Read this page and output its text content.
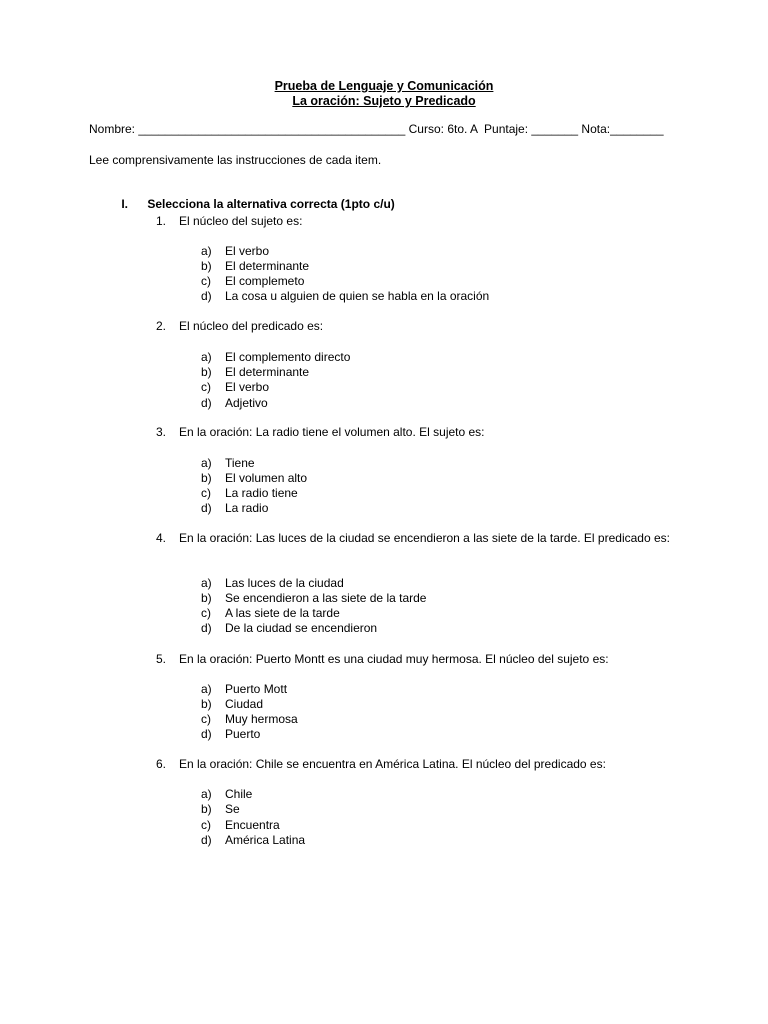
Prueba de Lenguaje y Comunicación
La oración: Sujeto y Predicado
Nombre: ________________________________________ Curso: 6to. A  Puntaje: _______ Nota:________
Lee comprensivamente las instrucciones de cada item.

I. Selecciona la alternativa correcta (1pto c/u)

1.	El núcleo del sujeto es:
a) El verbo
b) El determinante
c) El complemeto
d) La cosa u alguien de quien se habla en la oración
2.	El núcleo del predicado es:
a) El complemento directo
b) El determinante
c) El verbo
d) Adjetivo
3.	En la oración: La radio tiene el volumen alto. El sujeto es:
a) Tiene
b) El volumen alto
c) La radio tiene
d) La radio
4.	En la oración: Las luces de la ciudad se encendieron a las siete de la tarde. El predicado es:
a) Las luces de la ciudad
b) Se encendieron a las siete de la tarde
c) A las siete de la tarde
d) De la ciudad se encendieron
5.	En la oración: Puerto Montt es una ciudad muy hermosa. El núcleo del sujeto es:
a) Puerto Mott
b) Ciudad
c) Muy hermosa
d) Puerto
6.	En la oración: Chile se encuentra en América Latina. El núcleo del predicado es:
a) Chile
b) Se
c) Encuentra
d) América Latina
